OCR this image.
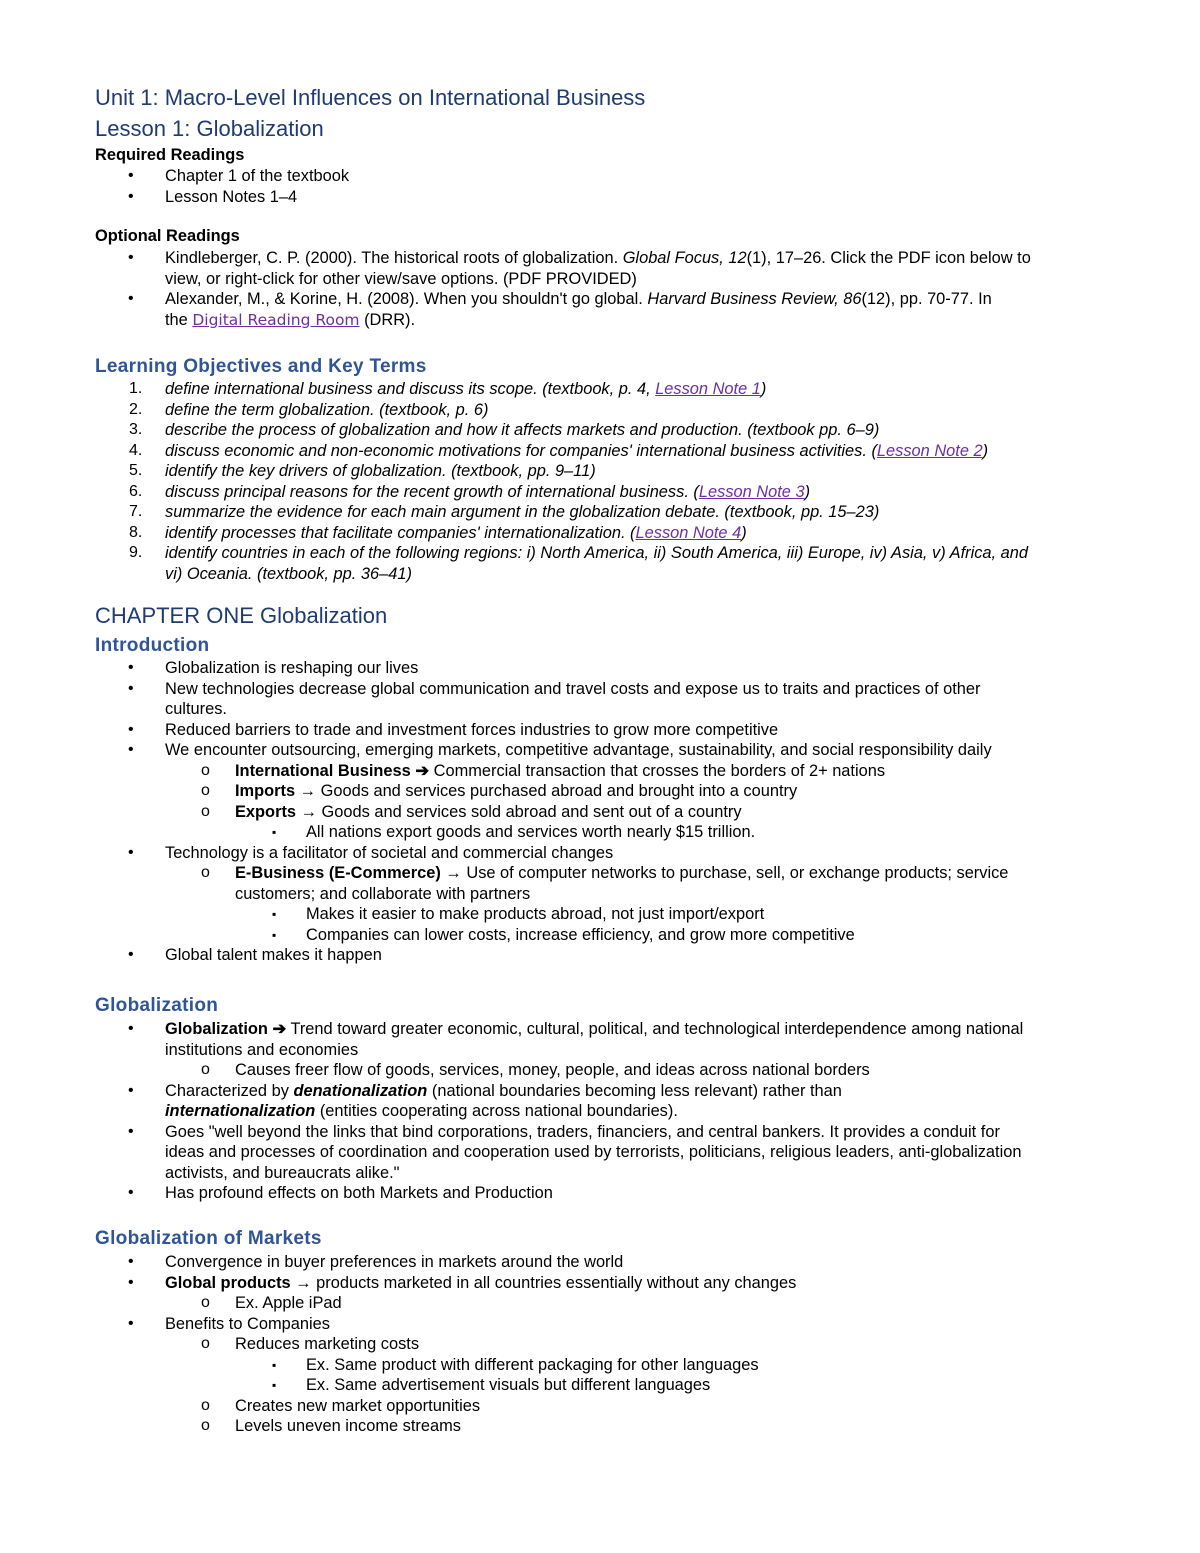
Unit 1: Macro-Level Influences on International Business
Lesson 1: Globalization
Required Readings
• Chapter 1 of the textbook
• Lesson Notes 1–4
Optional Readings
• Kindleberger, C. P. (2000). The historical roots of globalization. Global Focus, 12(1), 17–26. Click the PDF icon below to
view, or right-click for other view/save options. (PDF PROVIDED)
• Alexander, M., & Korine, H. (2008). When you shouldn't go global. Harvard Business Review, 86(12), pp. 70-77. In
the Digital Reading Room (DRR).
Learning Objectives and Key Terms
1. define international business and discuss its scope. (textbook, p. 4, Lesson Note 1)
2. define the term globalization. (textbook, p. 6)
3. describe the process of globalization and how it affects markets and production. (textbook pp. 6–9)
4. discuss economic and non-economic motivations for companies' international business activities. (Lesson Note 2)
5. identify the key drivers of globalization. (textbook, pp. 9–11)
6. discuss principal reasons for the recent growth of international business. (Lesson Note 3)
7. summarize the evidence for each main argument in the globalization debate. (textbook, pp. 15–23)
8. identify processes that facilitate companies' internationalization. (Lesson Note 4)
9. identify countries in each of the following regions: i) North America, ii) South America, iii) Europe, iv) Asia, v) Africa, and
vi) Oceania. (textbook, pp. 36–41)
CHAPTER ONE Globalization
Introduction
• Globalization is reshaping our lives
• New technologies decrease global communication and travel costs and expose us to traits and practices of other
cultures.
• Reduced barriers to trade and investment forces industries to grow more competitive
• We encounter outsourcing, emerging markets, competitive advantage, sustainability, and social responsibility daily
o International Business ➔ Commercial transaction that crosses the borders of 2+ nations
o Imports → Goods and services purchased abroad and brought into a country
o Exports → Goods and services sold abroad and sent out of a country
▪ All nations export goods and services worth nearly $15 trillion.
• Technology is a facilitator of societal and commercial changes
o E-Business (E-Commerce) → Use of computer networks to purchase, sell, or exchange products; service
customers; and collaborate with partners
▪ Makes it easier to make products abroad, not just import/export
▪ Companies can lower costs, increase efficiency, and grow more competitive
• Global talent makes it happen
Globalization
• Globalization ➔ Trend toward greater economic, cultural, political, and technological interdependence among national
institutions and economies
o Causes freer flow of goods, services, money, people, and ideas across national borders
• Characterized by denationalization (national boundaries becoming less relevant) rather than
internationalization (entities cooperating across national boundaries).
• Goes "well beyond the links that bind corporations, traders, financiers, and central bankers. It provides a conduit for
ideas and processes of coordination and cooperation used by terrorists, politicians, religious leaders, anti-globalization
activists, and bureaucrats alike."
• Has profound effects on both Markets and Production
Globalization of Markets
• Convergence in buyer preferences in markets around the world
• Global products → products marketed in all countries essentially without any changes
o Ex. Apple iPad
• Benefits to Companies
o Reduces marketing costs
▪ Ex. Same product with different packaging for other languages
▪ Ex. Same advertisement visuals but different languages
o Creates new market opportunities
o Levels uneven income streams
